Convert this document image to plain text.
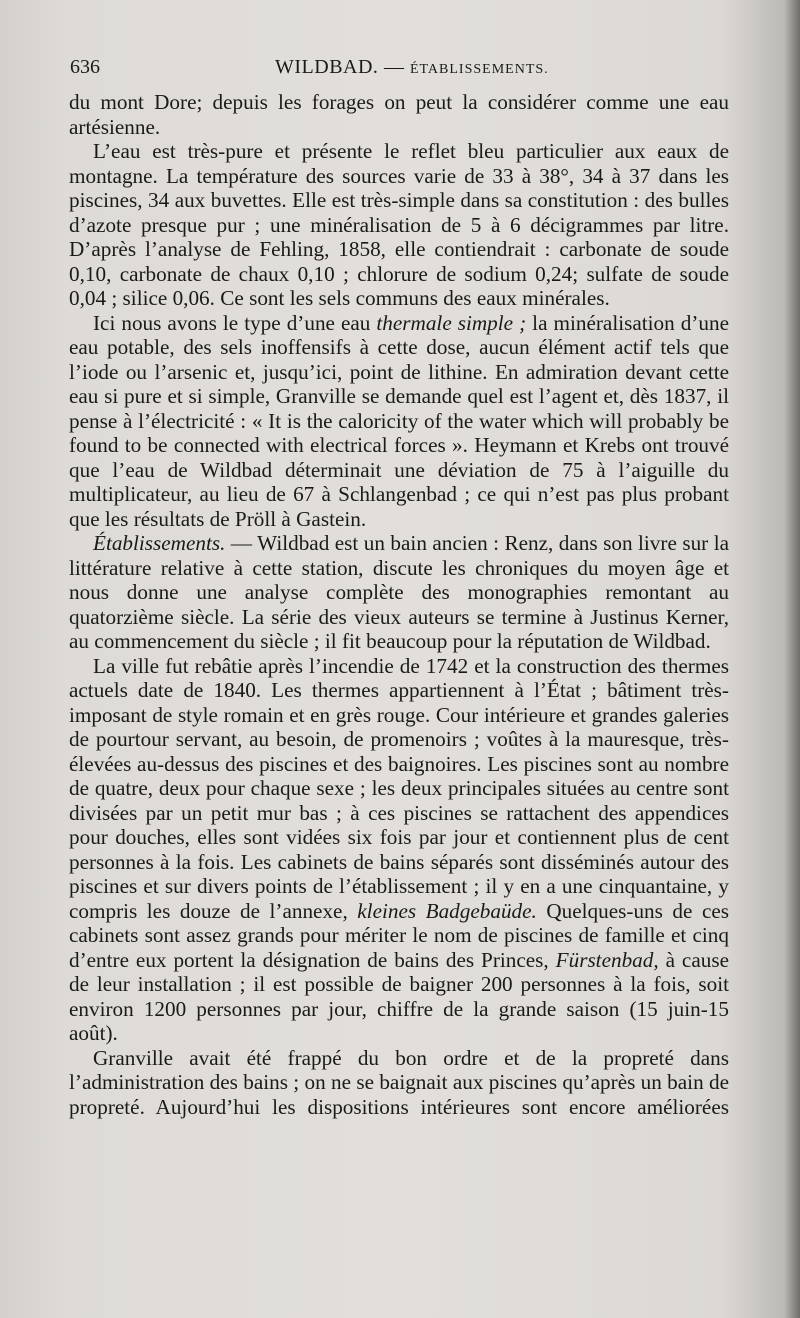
636	WILDBAD. — ÉTABLISSEMENTS.

du mont Dore; depuis les forages on peut la considérer comme une eau artésienne.

L’eau est très-pure et présente le reflet bleu particulier aux eaux de montagne. La température des sources varie de 33 à 38°, 34 à 37 dans les piscines, 34 aux buvettes. Elle est très-simple dans sa constitution : des bulles d’azote presque pur ; une minéralisation de 5 à 6 décigrammes par litre. D’après l’analyse de Fehling, 1858, elle contiendrait : carbonate de soude 0,10, carbonate de chaux 0,10 ; chlorure de sodium 0,24; sulfate de soude 0,04 ; silice 0,06. Ce sont les sels communs des eaux minérales.

Ici nous avons le type d’une eau thermale simple ; la minéralisation d’une eau potable, des sels inoffensifs à cette dose, aucun élément actif tels que l’iode ou l’arsenic et, jusqu’ici, point de lithine. En admiration devant cette eau si pure et si simple, Granville se demande quel est l’agent et, dès 1837, il pense à l’électricité : « It is the caloricity of the water which will probably be found to be connected with electrical forces ». Heymann et Krebs ont trouvé que l’eau de Wildbad déterminait une déviation de 75 à l’aiguille du multiplicateur, au lieu de 67 à Schlangenbad ; ce qui n’est pas plus probant que les résultats de Pröll à Gastein.

Établissements. — Wildbad est un bain ancien : Renz, dans son livre sur la littérature relative à cette station, discute les chroniques du moyen âge et nous donne une analyse complète des monographies remontant au quatorzième siècle. La série des vieux auteurs se termine à Justinus Kerner, au commencement du siècle ; il fit beaucoup pour la réputation de Wildbad.

La ville fut rebâtie après l’incendie de 1742 et la construction des thermes actuels date de 1840. Les thermes appartiennent à l’État ; bâtiment très-imposant de style romain et en grès rouge. Cour intérieure et grandes galeries de pourtour servant, au besoin, de promenoirs ; voûtes à la mauresque, très-élevées au-dessus des piscines et des baignoires. Les piscines sont au nombre de quatre, deux pour chaque sexe ; les deux principales situées au centre sont divisées par un petit mur bas ; à ces piscines se rattachent des appendices pour douches, elles sont vidées six fois par jour et contiennent plus de cent personnes à la fois. Les cabinets de bains séparés sont disséminés autour des piscines et sur divers points de l’établissement ; il y en a une cinquantaine, y compris les douze de l’annexe, kleines Badgebaüde. Quelques-uns de ces cabinets sont assez grands pour mériter le nom de piscines de famille et cinq d’entre eux portent la désignation de bains des Princes, Fürstenbad, à cause de leur installation ; il est possible de baigner 200 personnes à la fois, soit environ 1200 personnes par jour, chiffre de la grande saison (15 juin-15 août).

Granville avait été frappé du bon ordre et de la propreté dans l’administration des bains ; on ne se baignait aux piscines qu’après un bain de propreté. Aujourd’hui les dispositions intérieures sont encore améliorées
